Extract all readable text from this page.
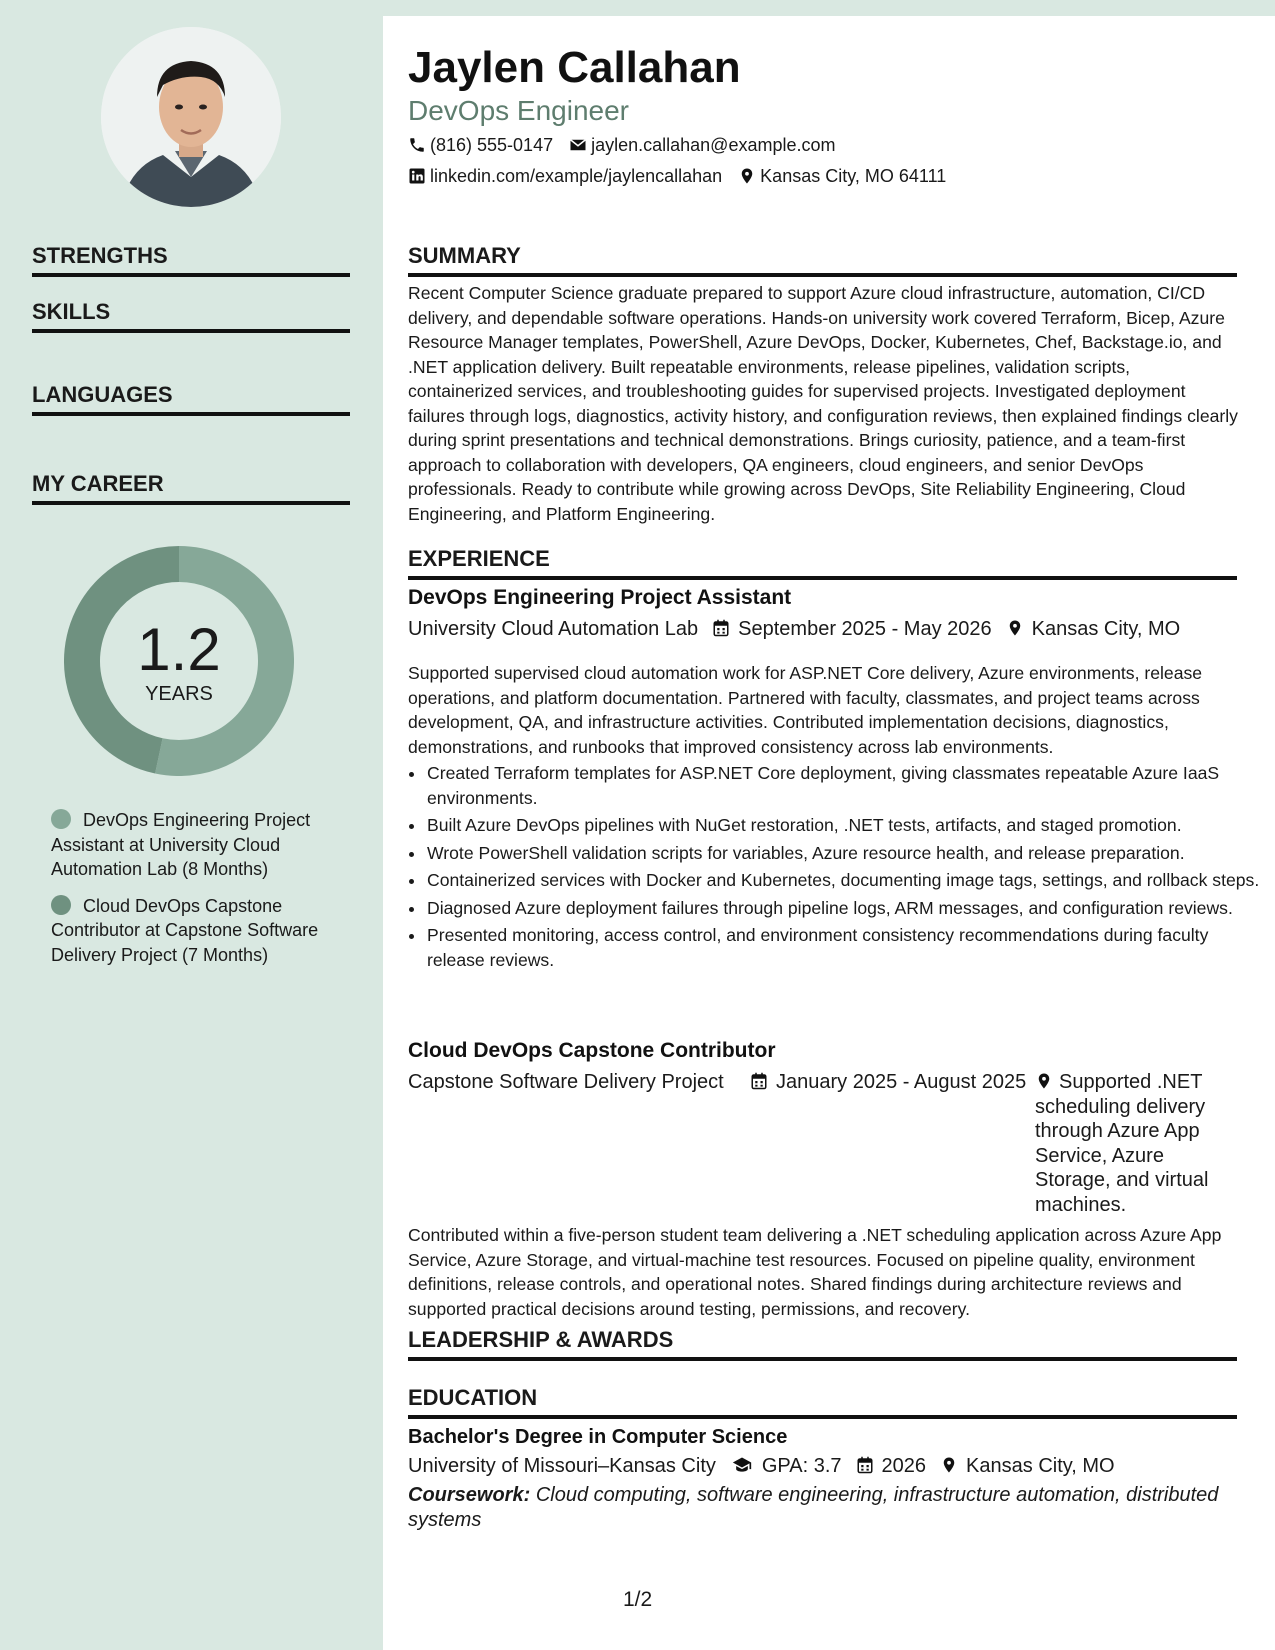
STRENGTHS
SKILLS
LANGUAGES
MY CAREER
1.2
YEARS
DevOps Engineering Project Assistant at University Cloud Automation Lab (8 Months)
Cloud DevOps Capstone Contributor at Capstone Software Delivery Project (7 Months)
Jaylen Callahan
DevOps Engineer
(816) 555-0147 jaylen.callahan@example.com
linkedin.com/example/jaylencallahan Kansas City, MO 64111
SUMMARY
Recent Computer Science graduate prepared to support Azure cloud infrastructure, automation, CI/CD delivery, and dependable software operations. Hands-on university work covered Terraform, Bicep, Azure Resource Manager templates, PowerShell, Azure DevOps, Docker, Kubernetes, Chef, Backstage.io, and .NET application delivery. Built repeatable environments, release pipelines, validation scripts, containerized services, and troubleshooting guides for supervised projects. Investigated deployment failures through logs, diagnostics, activity history, and configuration reviews, then explained findings clearly during sprint presentations and technical demonstrations. Brings curiosity, patience, and a team-first approach to collaboration with developers, QA engineers, cloud engineers, and senior DevOps professionals. Ready to contribute while growing across DevOps, Site Reliability Engineering, Cloud Engineering, and Platform Engineering.
EXPERIENCE
DevOps Engineering Project Assistant
University Cloud Automation Lab September 2025 - May 2026 Kansas City, MO
Supported supervised cloud automation work for ASP.NET Core delivery, Azure environments, release operations, and platform documentation. Partnered with faculty, classmates, and project teams across development, QA, and infrastructure activities. Contributed implementation decisions, diagnostics, demonstrations, and runbooks that improved consistency across lab environments.
• Created Terraform templates for ASP.NET Core deployment, giving classmates repeatable Azure IaaS environments.
• Built Azure DevOps pipelines with NuGet restoration, .NET tests, artifacts, and staged promotion.
• Wrote PowerShell validation scripts for variables, Azure resource health, and release preparation.
• Containerized services with Docker and Kubernetes, documenting image tags, settings, and rollback steps.
• Diagnosed Azure deployment failures through pipeline logs, ARM messages, and configuration reviews.
• Presented monitoring, access control, and environment consistency recommendations during faculty release reviews.
Cloud DevOps Capstone Contributor
Capstone Software Delivery Project	January 2025 - August 2025	Supported .NET scheduling delivery through Azure App Service, Azure Storage, and virtual machines.
Contributed within a five-person student team delivering a .NET scheduling application across Azure App Service, Azure Storage, and virtual-machine test resources. Focused on pipeline quality, environment definitions, release controls, and operational notes. Shared findings during architecture reviews and supported practical decisions around testing, permissions, and recovery.
LEADERSHIP & AWARDS
EDUCATION
Bachelor's Degree in Computer Science
University of Missouri–Kansas City GPA: 3.7 2026 Kansas City, MO
Coursework: Cloud computing, software engineering, infrastructure automation, distributed systems
1/2
